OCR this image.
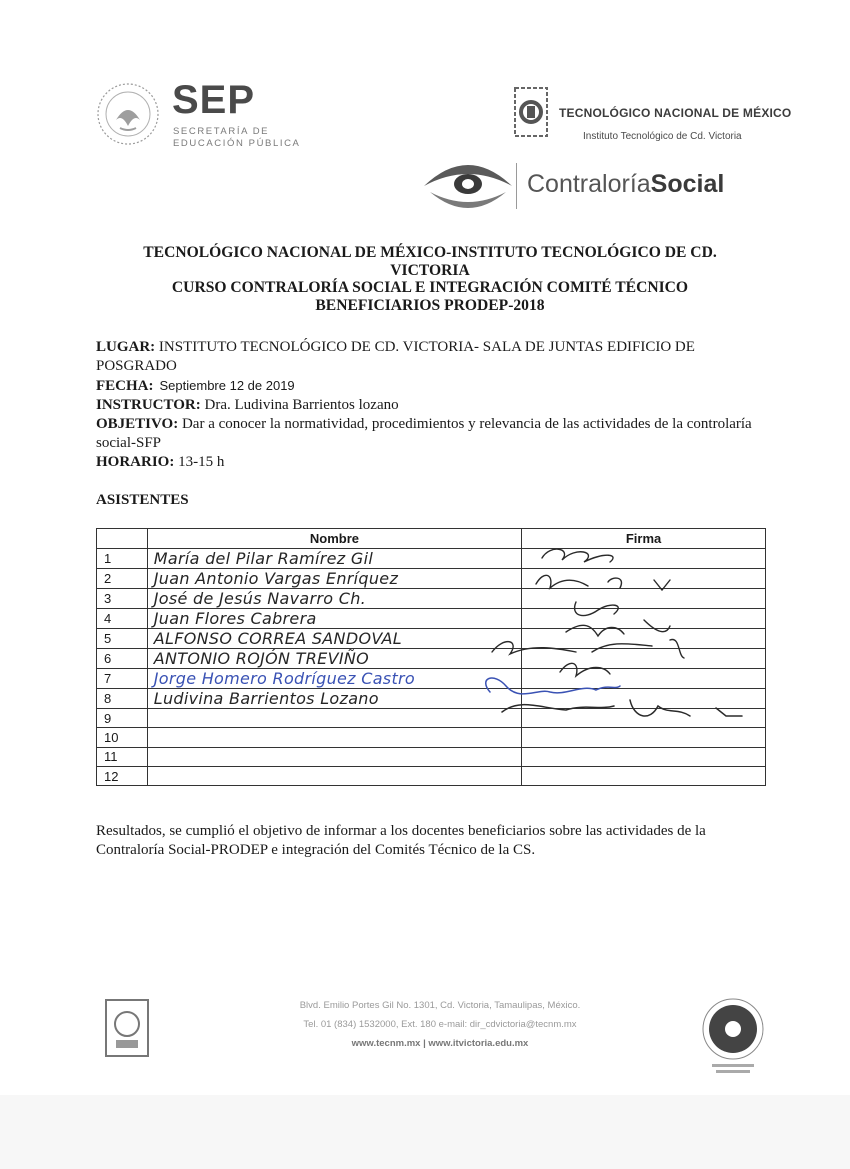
SEP
SECRETARÍA DE
EDUCACIÓN PÚBLICA
TECNOLÓGICO NACIONAL DE MÉXICO
Instituto Tecnológico de Cd. Victoria
ContraloríaSocial
TECNOLÓGICO NACIONAL DE MÉXICO-INSTITUTO TECNOLÓGICO DE CD.
VICTORIA
CURSO CONTRALORÍA SOCIAL E INTEGRACIÓN COMITÉ TÉCNICO
BENEFICIARIOS PRODEP-2018

LUGAR: INSTITUTO TECNOLÓGICO DE CD. VICTORIA- SALA DE JUNTAS EDIFICIO DE POSGRADO

FECHA: Septiembre 12 de 2019

INSTRUCTOR: Dra. Ludivina Barrientos lozano

OBJETIVO: Dar a conocer la normatividad, procedimientos y relevancia de las actividades de la controlaría social-SFP

HORARIO: 13-15 h

ASISTENTES
	Nombre	Firma
1	María del Pilar Ramírez Gil	
2	Juan Antonio Vargas Enríquez	
3	José de Jesús Navarro Ch.	
4	Juan Flores Cabrera	
5	ALFONSO CORREA SANDOVAL	
6	ANTONIO ROJÓN TREVIÑO	
7	Jorge Homero Rodríguez Castro	
8	Ludivina Barrientos Lozano	
9		
10		
11		
12		
Resultados, se cumplió el objetivo de informar a los docentes beneficiarios sobre las actividades de la Contraloría Social-PRODEP e integración del Comités Técnico de la CS.
Blvd. Emilio Portes Gil No. 1301, Cd. Victoria, Tamaulipas, México.
Tel. 01 (834) 1532000, Ext. 180 e-mail: dir_cdvictoria@tecnm.mx
www.tecnm.mx | www.itvictoria.edu.mx
